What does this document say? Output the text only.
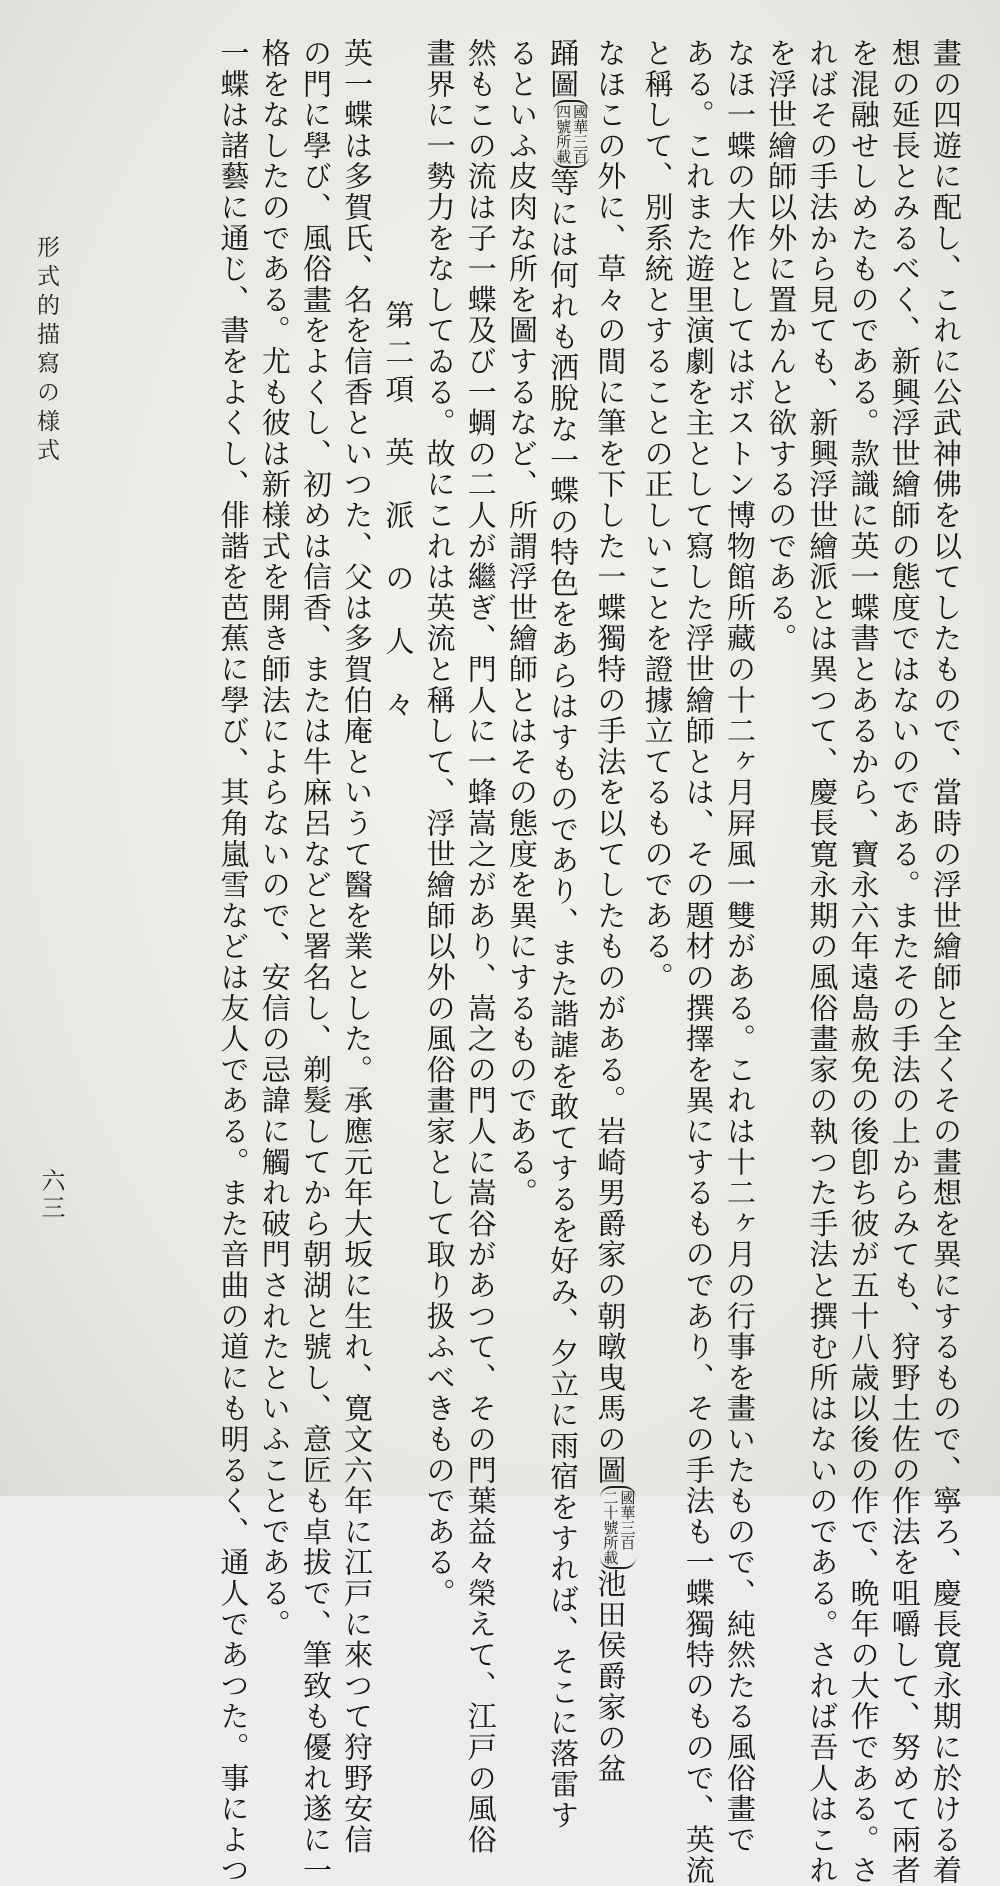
畫の四遊に配し、これに公武神佛を以てしたもので、當時の浮世繪師と全くその畫想を異にするもので、寧ろ、慶長寛永期に於ける着
想の延長とみるべく、新興浮世繪師の態度ではないのである。またその手法の上からみても、狩野土佐の作法を咀嚼して、努めて兩者
を混融せしめたものである。款識に英一蝶書とあるから、寶永六年遠島赦免の後卽ち彼が五十八歳以後の作で、晩年の大作である。さ
ればその手法から見ても、新興浮世繪派とは異つて、慶長寛永期の風俗畫家の執つた手法と撰む所はないのである。されば吾人はこれ
を浮世繪師以外に置かんと欲するのである。
なほ一蝶の大作としてはボストン博物館所藏の十二ヶ月屛風一雙がある。これは十二ヶ月の行事を畫いたもので、純然たる風俗畫で
ある。これまた遊里演劇を主として寫した浮世繪師とは、その題材の撰擇を異にするものであり、その手法も一蝶獨特のもので、英流
と稱して、別系統とすることの正しいことを證據立てるものである。
なほこの外に、草々の間に筆を下した一蝶獨特の手法を以てしたものがある。岩崎男爵家の朝暾曳馬の圖
國華三百
二十號所載
池田侯爵家の盆
踊圖
國華三百
四號所載
等には何れも洒脫な一蝶の特色をあらはすものであり、また諧謔を敢てするを好み、夕立に雨宿をすれば、そこに落雷す
るといふ皮肉な所を圖するなど、所謂浮世繪師とはその態度を異にするものである。
然もこの流は子一蝶及び一蜩の二人が繼ぎ、門人に一蜂嵩之があり、嵩之の門人に嵩谷があつて、その門葉益々榮えて、江戸の風俗
畫界に一勢力をなしてゐる。故にこれは英流と稱して、浮世繪師以外の風俗畫家として取り扱ふべきものである。
第二項英派の人々
英一蝶は多賀氏、名を信香といつた、父は多賀伯庵というて醫を業とした。承應元年大坂に生れ、寛文六年に江戸に來つて狩野安信
の門に學び、風俗畫をよくし、初めは信香、または牛麻呂などと署名し、剃髮してから朝湖と號し、意匠も卓拔で、筆致も優れ遂に一
格をなしたのである。尤も彼は新様式を開き師法によらないので、安信の忌諱に觸れ破門されたといふことである。
一蝶は諸藝に通じ、書をよくし、俳諧を芭蕉に學び、其角嵐雪などは友人である。また音曲の道にも明るく、通人であつた。事によつ
形式的描寫の様式
六三
